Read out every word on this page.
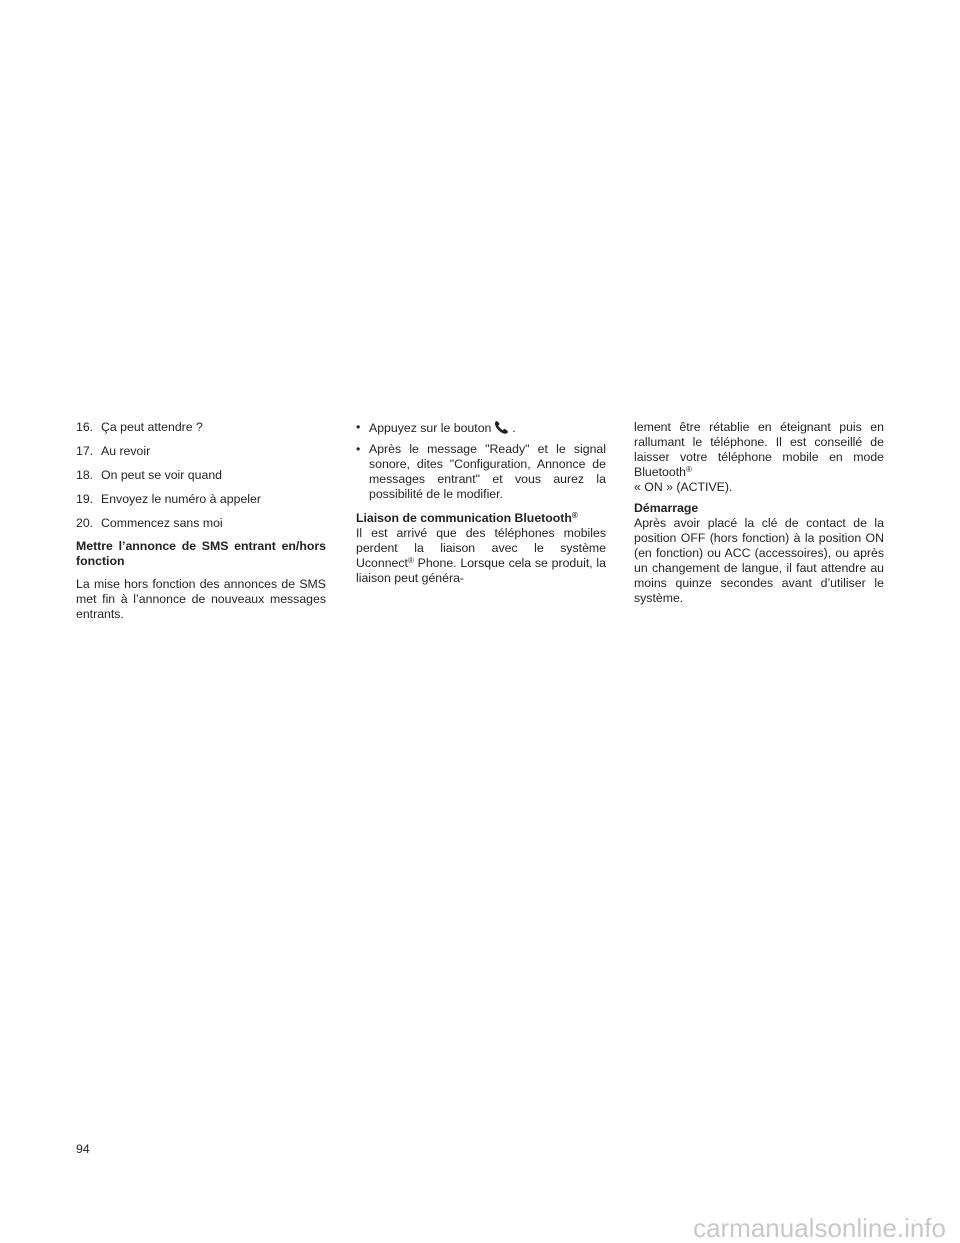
16. Ça peut attendre ?
17. Au revoir
18. On peut se voir quand
19. Envoyez le numéro à appeler
20. Commencez sans moi
Mettre l’annonce de SMS entrant en/hors fonction
La mise hors fonction des annonces de SMS met fin à l’annonce de nouveaux messages entrants.
• Appuyez sur le bouton .
• Après le message "Ready" et le signal sonore, dites "Configuration, Annonce de messages entrant" et vous aurez la possibilité de le modifier.
Liaison de communication Bluetooth®
Il est arrivé que des téléphones mobiles perdent la liaison avec le système Uconnect® Phone. Lorsque cela se produit, la liaison peut généra-
lement être rétablie en éteignant puis en rallumant le téléphone. Il est conseillé de laisser votre téléphone mobile en mode Bluetooth®
« ON » (ACTIVE).
Démarrage
Après avoir placé la clé de contact de la position OFF (hors fonction) à la position ON (en fonction) ou ACC (accessoires), ou après un changement de langue, il faut attendre au moins quinze secondes avant d’utiliser le système.
94
carmanualsonline.info
